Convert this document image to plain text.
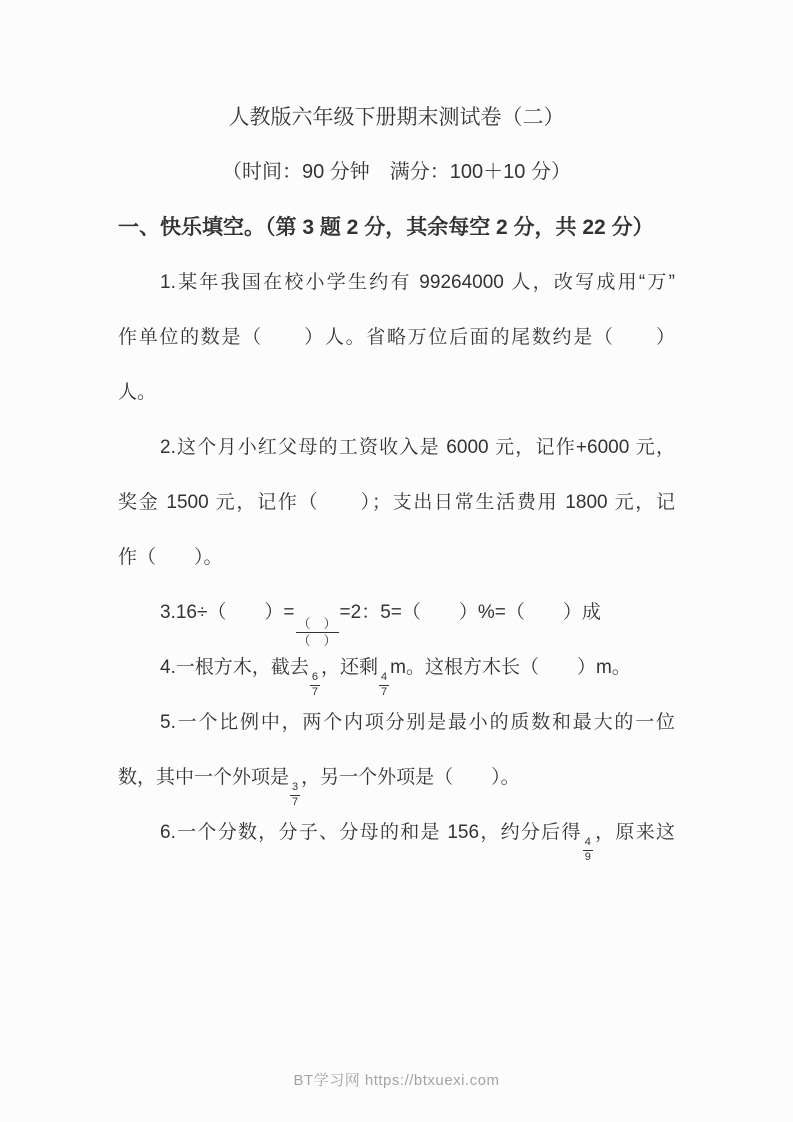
人教版六年级下册期末测试卷（二）
（时间：90 分钟　满分：100＋10 分）
一、快乐填空。（第 3 题 2 分，其余每空 2 分，共 22 分）
1.某年我国在校小学生约有 99264000 人，改写成用“万”
作单位的数是（　　）人。省略万位后面的尾数约是（　　）
人。
2.这个月小红父母的工资收入是 6000 元，记作+6000 元，
奖金 1500 元，记作（　　）；支出日常生活费用 1800 元，记
作（　　）。
3.16÷（　　）=
$\frac{( )}{( )}$
=2：5=（　　）%=（　　）成
4.一根方木，截去
$\frac{6}{7}$
，还剩
$\frac{4}{7}$
m。这根方木长（　　）m。
5.一个比例中，两个内项分别是最小的质数和最大的一位
数，其中一个外项是
$\frac{3}{7}$
，另一个外项是（　　）。
6.一个分数，分子、分母的和是 156，约分后得
$\frac{4}{9}$
，原来这
BT学习网 https://btxuexi.com
